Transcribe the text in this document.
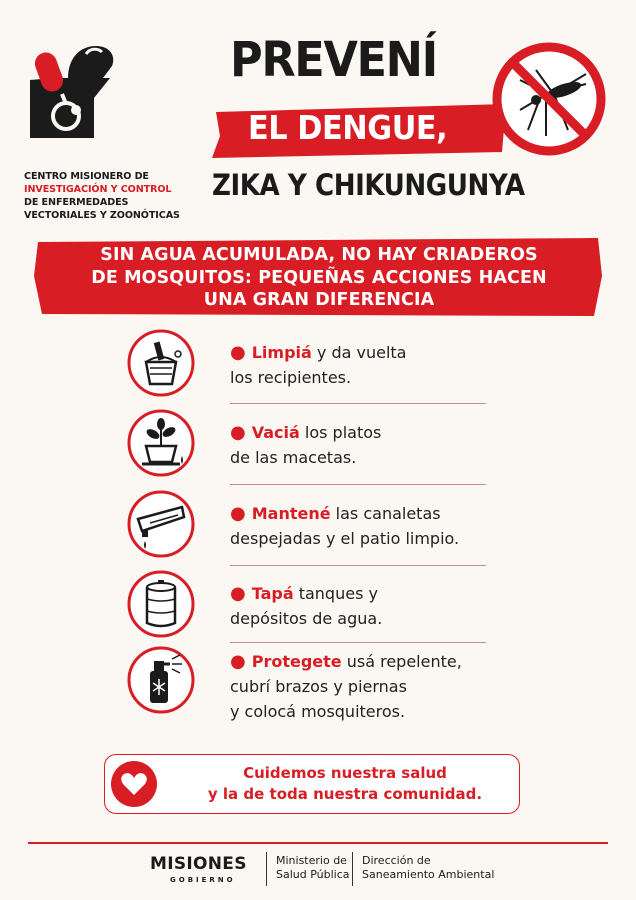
CENTRO MISIONERO DE
INVESTIGACIÓN Y CONTROL
DE ENFERMEDADES
VECTORIALES Y ZOONÓTICAS
PREVENÍ
EL DENGUE,
ZIKA Y CHIKUNGUNYA
SIN AGUA ACUMULADA, NO HAY CRIADEROS
DE MOSQUITOS: PEQUEÑAS ACCIONES HACEN
UNA GRAN DIFERENCIA
● Limpiá y da vuelta
los recipientes.
● Vaciá los platos
de las macetas.
● Mantené las canaletas
despejadas y el patio limpio.
● Tapá tanques y
depósitos de agua.
● Protegete usá repelente,
cubrí brazos y piernas
y colocá mosquiteros.
Cuidemos nuestra salud
y la de toda nuestra comunidad.
MISIONES
GOBIERNO
Ministerio de
Salud Pública
Dirección de
Saneamiento Ambiental
